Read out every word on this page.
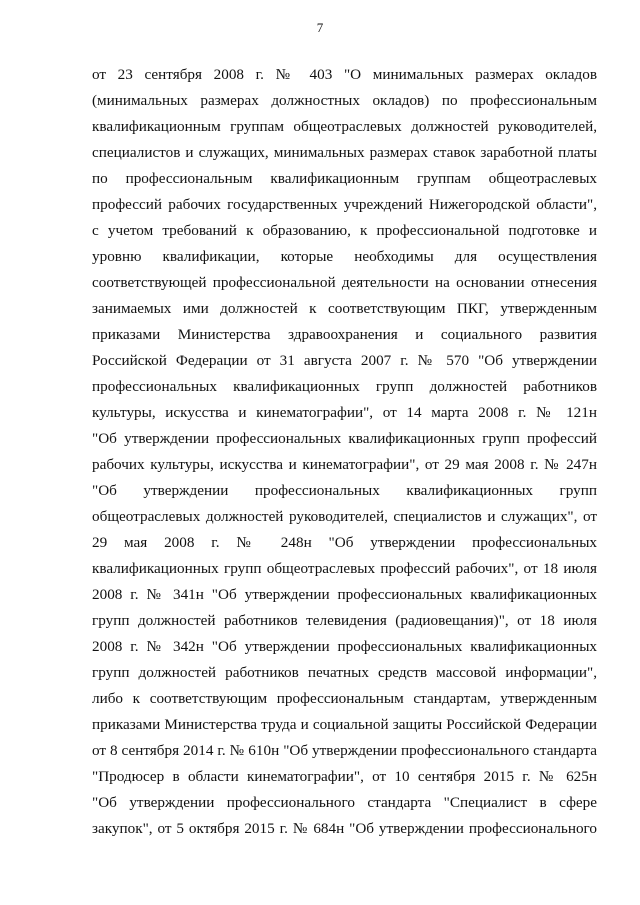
7
от 23 сентября 2008 г. № 403 "О минимальных размерах окладов
(минимальных размерах должностных окладов) по профессиональным
квалификационным группам общеотраслевых должностей руководителей,
специалистов и служащих, минимальных размерах ставок заработной платы
по профессиональным квалификационным группам общеотраслевых
профессий рабочих государственных учреждений Нижегородской области",
с учетом требований к образованию, к профессиональной подготовке и
уровню квалификации, которые необходимы для осуществления
соответствующей профессиональной деятельности на основании отнесения
занимаемых ими должностей к соответствующим ПКГ, утвержденным
приказами Министерства здравоохранения и социального развития
Российской Федерации от 31 августа 2007 г. № 570 "Об утверждении
профессиональных квалификационных групп должностей работников
культуры, искусства и кинематографии", от 14 марта 2008 г. № 121н
"Об утверждении профессиональных квалификационных групп профессий
рабочих культуры, искусства и кинематографии", от 29 мая 2008 г. № 247н
"Об утверждении профессиональных квалификационных групп
общеотраслевых должностей руководителей, специалистов и служащих", от
29 мая 2008 г. № 248н "Об утверждении профессиональных
квалификационных групп общеотраслевых профессий рабочих", от 18 июля
2008 г. № 341н "Об утверждении профессиональных квалификационных
групп должностей работников телевидения (радиовещания)", от 18 июля
2008 г. № 342н "Об утверждении профессиональных квалификационных
групп должностей работников печатных средств массовой информации",
либо к соответствующим профессиональным стандартам, утвержденным
приказами Министерства труда и социальной защиты Российской Федерации
от 8 сентября 2014 г. № 610н "Об утверждении профессионального стандарта
"Продюсер в области кинематографии", от 10 сентября 2015 г. № 625н
"Об утверждении профессионального стандарта "Специалист в сфере
закупок", от 5 октября 2015 г. № 684н "Об утверждении профессионального
